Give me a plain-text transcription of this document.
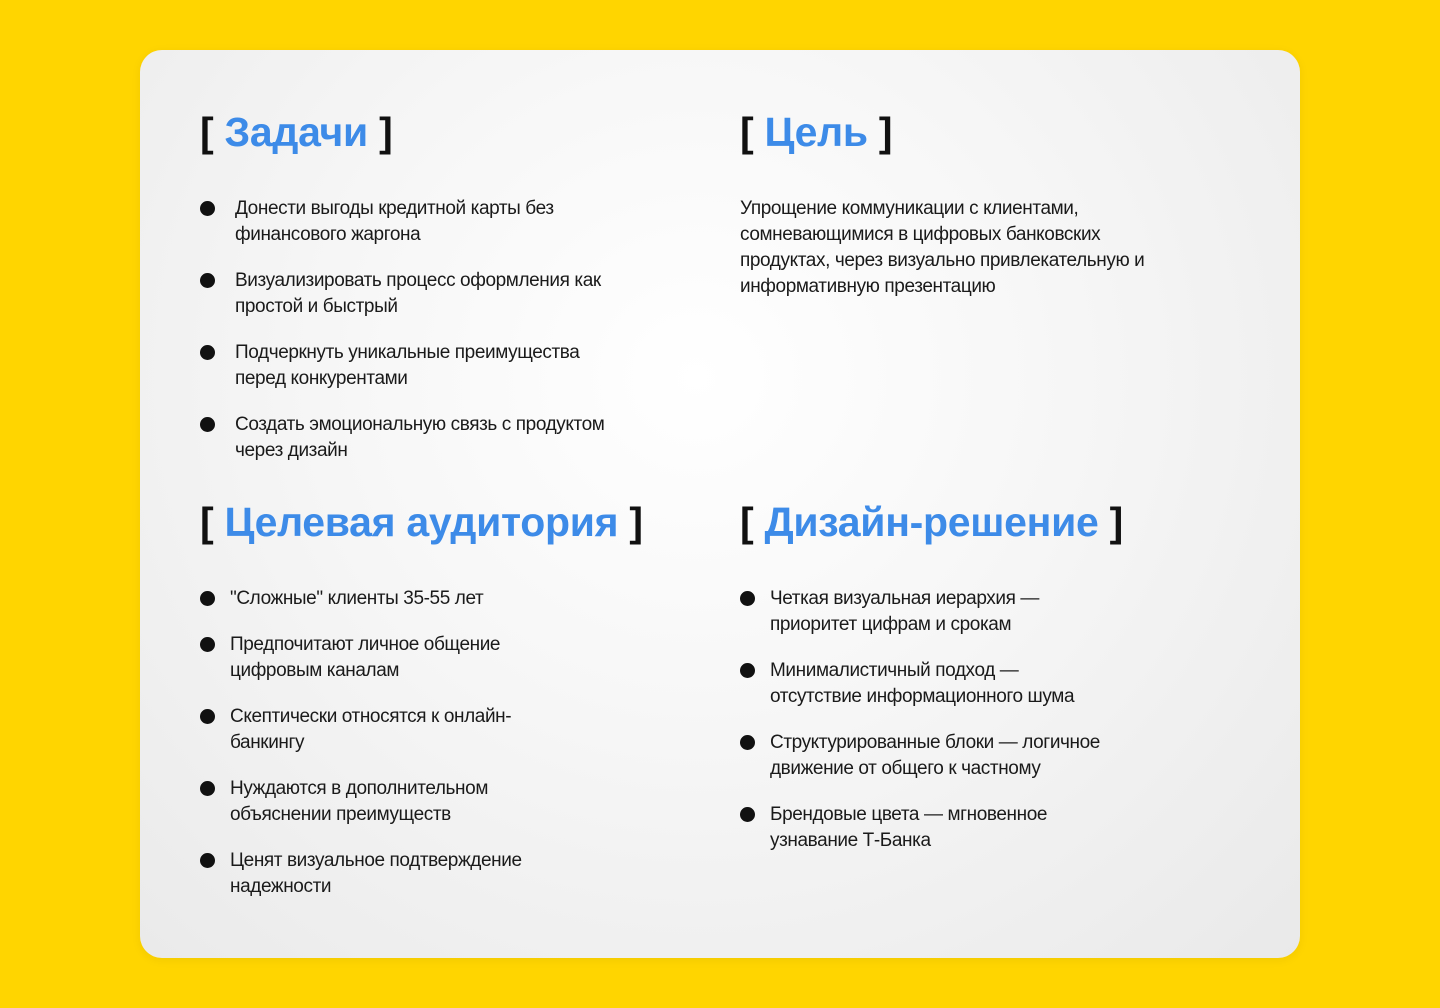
[ Задачи ]
Донести выгоды кредитной карты без
финансового жаргона
Визуализировать процесс оформления как
простой и быстрый
Подчеркнуть уникальные преимущества
перед конкурентами
Создать эмоциональную связь с продуктом
через дизайн
[ Цель ]

Упрощение коммуникации с клиентами,
сомневающимися в цифровых банковских
продуктах, через визуально привлекательную и
информативную презентацию

[ Целевая аудитория ]
"Сложные" клиенты 35-55 лет
Предпочитают личное общение
цифровым каналам
Скептически относятся к онлайн-
банкингу
Нуждаются в дополнительном
объяснении преимуществ
Ценят визуальное подтверждение
надежности
[ Дизайн-решение ]
Четкая визуальная иерархия —
приоритет цифрам и срокам
Минималистичный подход —
отсутствие информационного шума
Структурированные блоки — логичное
движение от общего к частному
Брендовые цвета — мгновенное
узнавание Т-Банка
